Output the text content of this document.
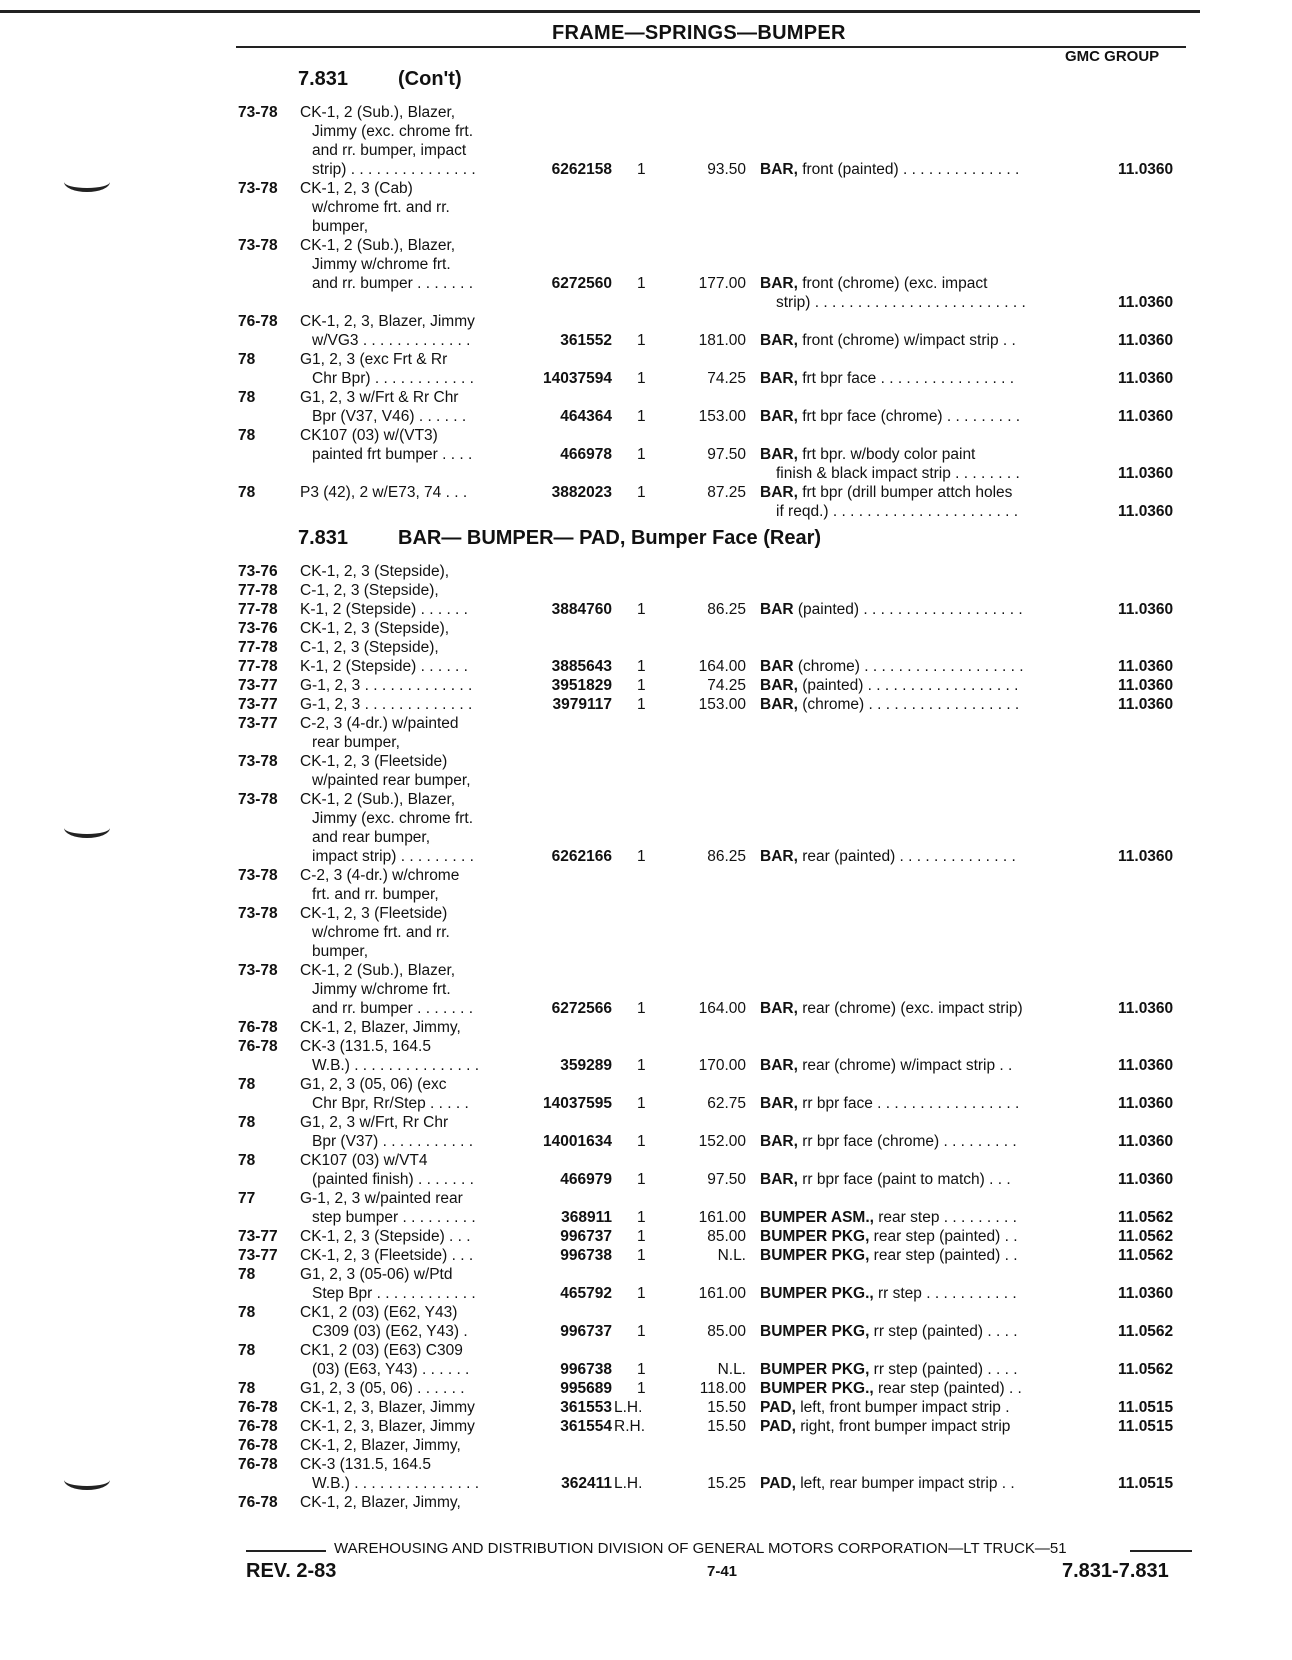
FRAME—SPRINGS—BUMPER
GMC GROUP
7.831 (Con't)
7.831 BAR— BUMPER— PAD, Bumper Face (Rear)
73-78 CK-1, 2 (Sub.), Blazer,
Jimmy (exc. chrome frt.
and rr. bumper, impact
strip) . . . . . . . . . . . . . . .	6262158 1	93.50 BAR, front (painted) . . . . . . . . . . . . . .	11.0360
73-78 CK-1, 2, 3 (Cab)
w/chrome frt. and rr.
bumper,
73-78 CK-1, 2 (Sub.), Blazer,
Jimmy w/chrome frt.
and rr. bumper . . . . . . .	6272560 1	177.00 BAR, front (chrome) (exc. impact
strip) . . . . . . . . . . . . . . . . . . . . . . . . .	11.0360
76-78 CK-1, 2, 3, Blazer, Jimmy
w/VG3 . . . . . . . . . . . . .	361552 1	181.00 BAR, front (chrome) w/impact strip . .	11.0360
78	G1, 2, 3 (exc Frt & Rr
Chr Bpr) . . . . . . . . . . . .	14037594 1	74.25 BAR, frt bpr face . . . . . . . . . . . . . . . .	11.0360
78	G1, 2, 3 w/Frt & Rr Chr
Bpr (V37, V46) . . . . . .	464364 1	153.00 BAR, frt bpr face (chrome) . . . . . . . . .	11.0360
78	CK107 (03) w/(VT3)
painted frt bumper . . . .	466978 1	97.50 BAR, frt bpr. w/body color paint
finish & black impact strip . . . . . . . .	11.0360
78	P3 (42), 2 w/E73, 74 . . .	3882023 1	87.25 BAR, frt bpr (drill bumper attch holes
if reqd.) . . . . . . . . . . . . . . . . . . . . . .	11.0360
73-76 CK-1, 2, 3 (Stepside),
77-78 C-1, 2, 3 (Stepside),
77-78 K-1, 2 (Stepside) . . . . . .	3884760 1	86.25 BAR (painted) . . . . . . . . . . . . . . . . . . .	11.0360
73-76 CK-1, 2, 3 (Stepside),
77-78 C-1, 2, 3 (Stepside),
77-78 K-1, 2 (Stepside) . . . . . .	3885643 1	164.00 BAR (chrome) . . . . . . . . . . . . . . . . . . .	11.0360
73-77 G-1, 2, 3 . . . . . . . . . . . . .	3951829 1	74.25 BAR, (painted) . . . . . . . . . . . . . . . . . .	11.0360
73-77 G-1, 2, 3 . . . . . . . . . . . . .	3979117 1	153.00 BAR, (chrome) . . . . . . . . . . . . . . . . . .	11.0360
73-77 C-2, 3 (4-dr.) w/painted
rear bumper,
73-78 CK-1, 2, 3 (Fleetside)
w/painted rear bumper,
73-78 CK-1, 2 (Sub.), Blazer,
Jimmy (exc. chrome frt.
and rear bumper,
impact strip) . . . . . . . . .	6262166 1	86.25 BAR, rear (painted) . . . . . . . . . . . . . .	11.0360
73-78 C-2, 3 (4-dr.) w/chrome
frt. and rr. bumper,
73-78 CK-1, 2, 3 (Fleetside)
w/chrome frt. and rr.
bumper,
73-78 CK-1, 2 (Sub.), Blazer,
Jimmy w/chrome frt.
and rr. bumper . . . . . . .	6272566 1	164.00 BAR, rear (chrome) (exc. impact strip)	11.0360
76-78 CK-1, 2, Blazer, Jimmy,
76-78 CK-3 (131.5, 164.5
W.B.) . . . . . . . . . . . . . . .	359289 1	170.00 BAR, rear (chrome) w/impact strip . .	11.0360
78	G1, 2, 3 (05, 06) (exc
Chr Bpr, Rr/Step . . . . .	14037595 1	62.75 BAR, rr bpr face . . . . . . . . . . . . . . . . .	11.0360
78	G1, 2, 3 w/Frt, Rr Chr
Bpr (V37) . . . . . . . . . . .	14001634 1	152.00 BAR, rr bpr face (chrome) . . . . . . . . .	11.0360
78	CK107 (03) w/VT4
(painted finish) . . . . . . .	466979 1	97.50 BAR, rr bpr face (paint to match) . . .	11.0360
77	G-1, 2, 3 w/painted rear
step bumper . . . . . . . . .	368911 1	161.00 BUMPER ASM., rear step . . . . . . . . .	11.0562
73-77 CK-1, 2, 3 (Stepside) . . .	996737 1	85.00 BUMPER PKG, rear step (painted) . .	11.0562
73-77 CK-1, 2, 3 (Fleetside) . . .	996738 1	N.L. BUMPER PKG, rear step (painted) . .	11.0562
78	G1, 2, 3 (05-06) w/Ptd
Step Bpr . . . . . . . . . . . .	465792 1	161.00 BUMPER PKG., rr step . . . . . . . . . . .	11.0360
78	CK1, 2 (03) (E62, Y43)
C309 (03) (E62, Y43) .	996737 1	85.00 BUMPER PKG, rr step (painted) . . . .	11.0562
78	CK1, 2 (03) (E63) C309
(03) (E63, Y43) . . . . . .	996738 1	N.L. BUMPER PKG, rr step (painted) . . . .	11.0562
78	G1, 2, 3 (05, 06) . . . . . .	995689 1	118.00 BUMPER PKG., rear step (painted) . .
76-78 CK-1, 2, 3, Blazer, Jimmy	361553 L.H.	15.50 PAD, left, front bumper impact strip .	11.0515
76-78 CK-1, 2, 3, Blazer, Jimmy	361554 R.H.	15.50 PAD, right, front bumper impact strip	11.0515
76-78 CK-1, 2, Blazer, Jimmy,
76-78 CK-3 (131.5, 164.5
W.B.) . . . . . . . . . . . . . . .	362411 L.H.	15.25 PAD, left, rear bumper impact strip . .	11.0515
76-78 CK-1, 2, Blazer, Jimmy,
WAREHOUSING AND DISTRIBUTION DIVISION OF GENERAL MOTORS CORPORATION—LT TRUCK—51
REV. 2-83	7-41	7.831-7.831
